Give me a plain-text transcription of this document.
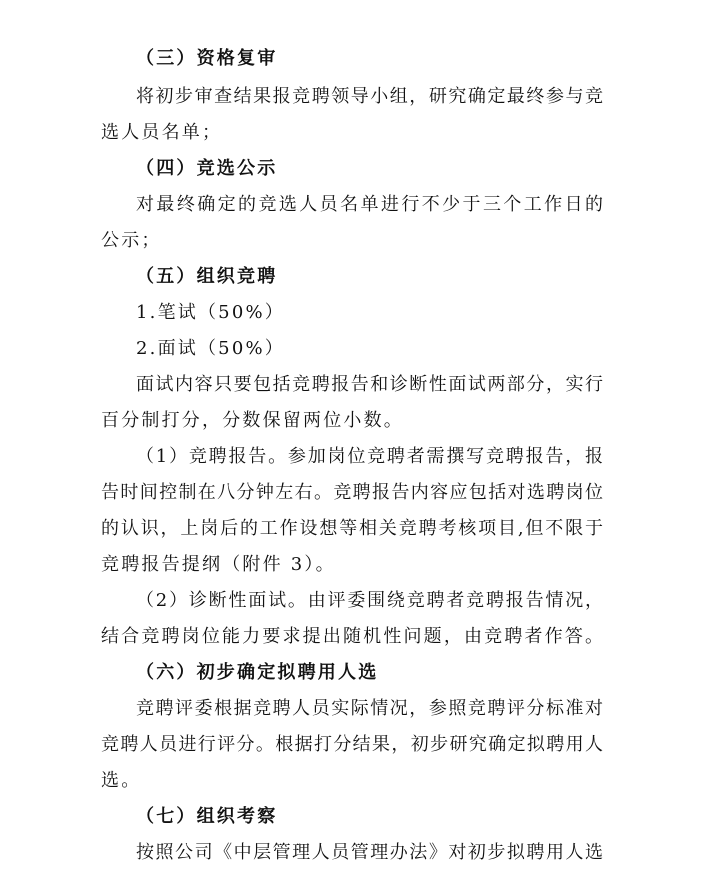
（三）资格复审
将初步审查结果报竞聘领导小组，研究确定最终参与竞
选人员名单；
（四）竞选公示
对最终确定的竞选人员名单进行不少于三个工作日的
公示；
（五）组织竞聘
1.笔试（50%）
2.面试（50%）
面试内容只要包括竞聘报告和诊断性面试两部分，实行
百分制打分，分数保留两位小数。
（1）竞聘报告。参加岗位竞聘者需撰写竞聘报告，报
告时间控制在八分钟左右。竞聘报告内容应包括对选聘岗位
的认识，上岗后的工作设想等相关竞聘考核项目,但不限于
竞聘报告提纲（附件 3）。
（2）诊断性面试。由评委围绕竞聘者竞聘报告情况，
结合竞聘岗位能力要求提出随机性问题，由竞聘者作答。
（六）初步确定拟聘用人选
竞聘评委根据竞聘人员实际情况，参照竞聘评分标准对
竞聘人员进行评分。根据打分结果，初步研究确定拟聘用人
选。
（七）组织考察
按照公司《中层管理人员管理办法》对初步拟聘用人选
